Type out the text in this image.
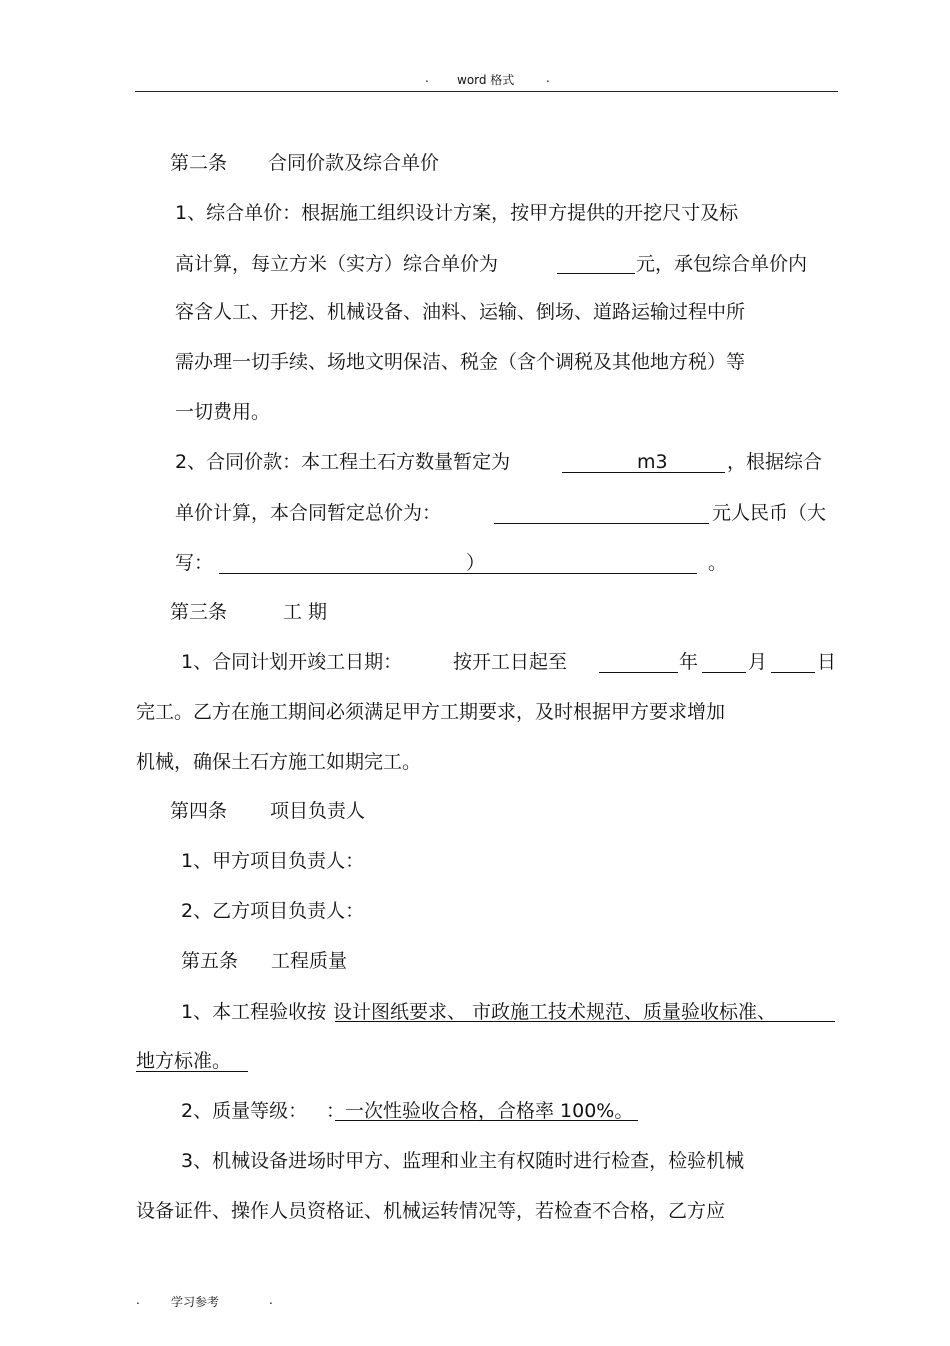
. word 格式	.
第二条 合同价款及综合单价
1、综合单价：根据施工组织设计方案，按甲方提供的开挖尺寸及标
高计算，每立方米（实方）综合单价为	元，承包综合单价内
容含人工、开挖、机械设备、油料、运输、倒场、道路运输过程中所
需办理一切手续、场地文明保洁、税金（含个调税及其他地方税）等
一切费用。
2、合同价款：本工程土石方数量暂定为	m3	，根据综合
单价计算，本合同暂定总价为：	元人民币（大
写：	）	。
第三条	工 期
1、合同计划开竣工日期：	按开工日起至	年	月	日
完工。乙方在施工期间必须满足甲方工期要求，及时根据甲方要求增加
机械，确保土石方施工如期完工。
第四条 项目负责人
1、甲方项目负责人：
2、乙方项目负责人：
第五条 工程质量
1、本工程验收按 设计图纸要求、 市政施工技术规范、质量验收标准、
地方标准。
2、质量等级： ：一次性验收合格，合格率 100%。
3、机械设备进场时甲方、监理和业主有权随时进行检查，检验机械
设备证件、操作人员资格证、机械运转情况等，若检查不合格，乙方应
.	学习参考	.
